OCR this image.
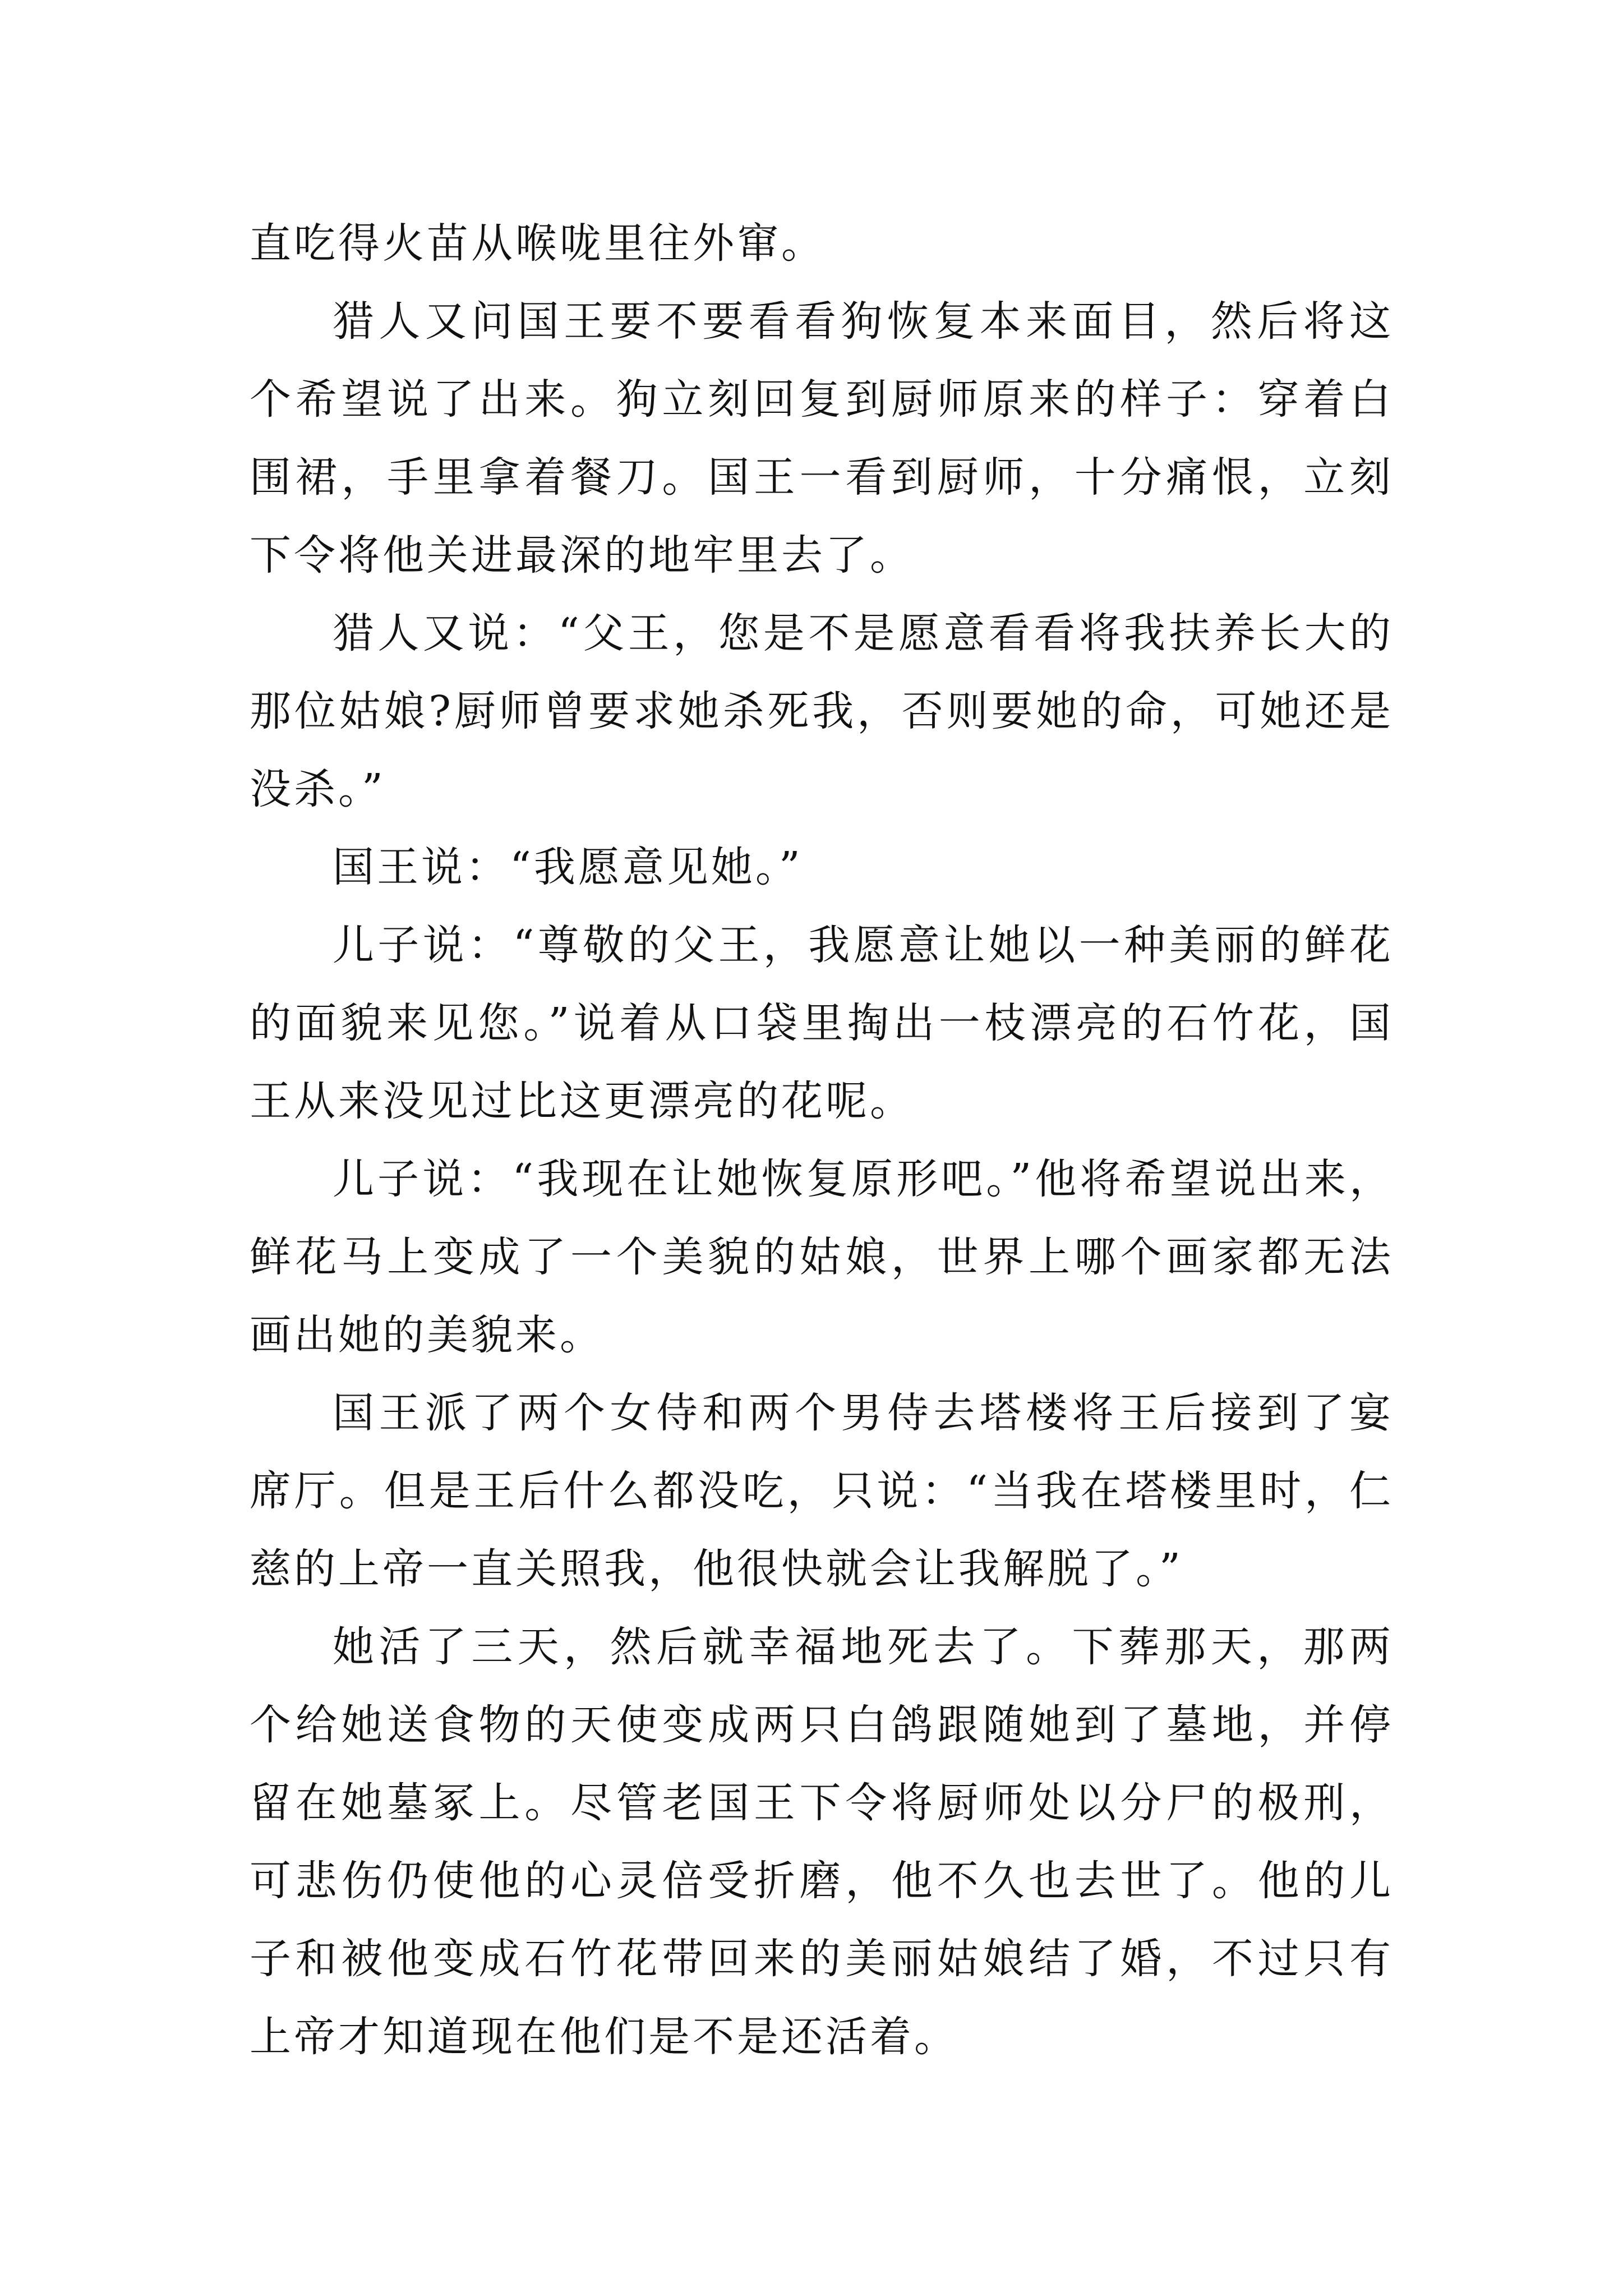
直吃得火苗从喉咙里往外窜。

猎人又问国王要不要看看狗恢复本来面目，然后将这个希望说了出来。狗立刻回复到厨师原来的样子：穿着白围裙，手里拿着餐刀。国王一看到厨师，十分痛恨，立刻下令将他关进最深的地牢里去了。

猎人又说：“父王，您是不是愿意看看将我扶养长大的那位姑娘?厨师曾要求她杀死我，否则要她的命，可她还是没杀。”

国王说：“我愿意见她。”

儿子说：“尊敬的父王，我愿意让她以一种美丽的鲜花的面貌来见您。”说着从口袋里掏出一枝漂亮的石竹花，国王从来没见过比这更漂亮的花呢。

儿子说：“我现在让她恢复原形吧。”他将希望说出来，鲜花马上变成了一个美貌的姑娘，世界上哪个画家都无法画出她的美貌来。

国王派了两个女侍和两个男侍去塔楼将王后接到了宴席厅。但是王后什么都没吃，只说：“当我在塔楼里时，仁慈的上帝一直关照我，他很快就会让我解脱了。”

她活了三天，然后就幸福地死去了。下葬那天，那两个给她送食物的天使变成两只白鸽跟随她到了墓地，并停留在她墓冢上。尽管老国王下令将厨师处以分尸的极刑，可悲伤仍使他的心灵倍受折磨，他不久也去世了。他的儿子和被他变成石竹花带回来的美丽姑娘结了婚，不过只有上帝才知道现在他们是不是还活着。
